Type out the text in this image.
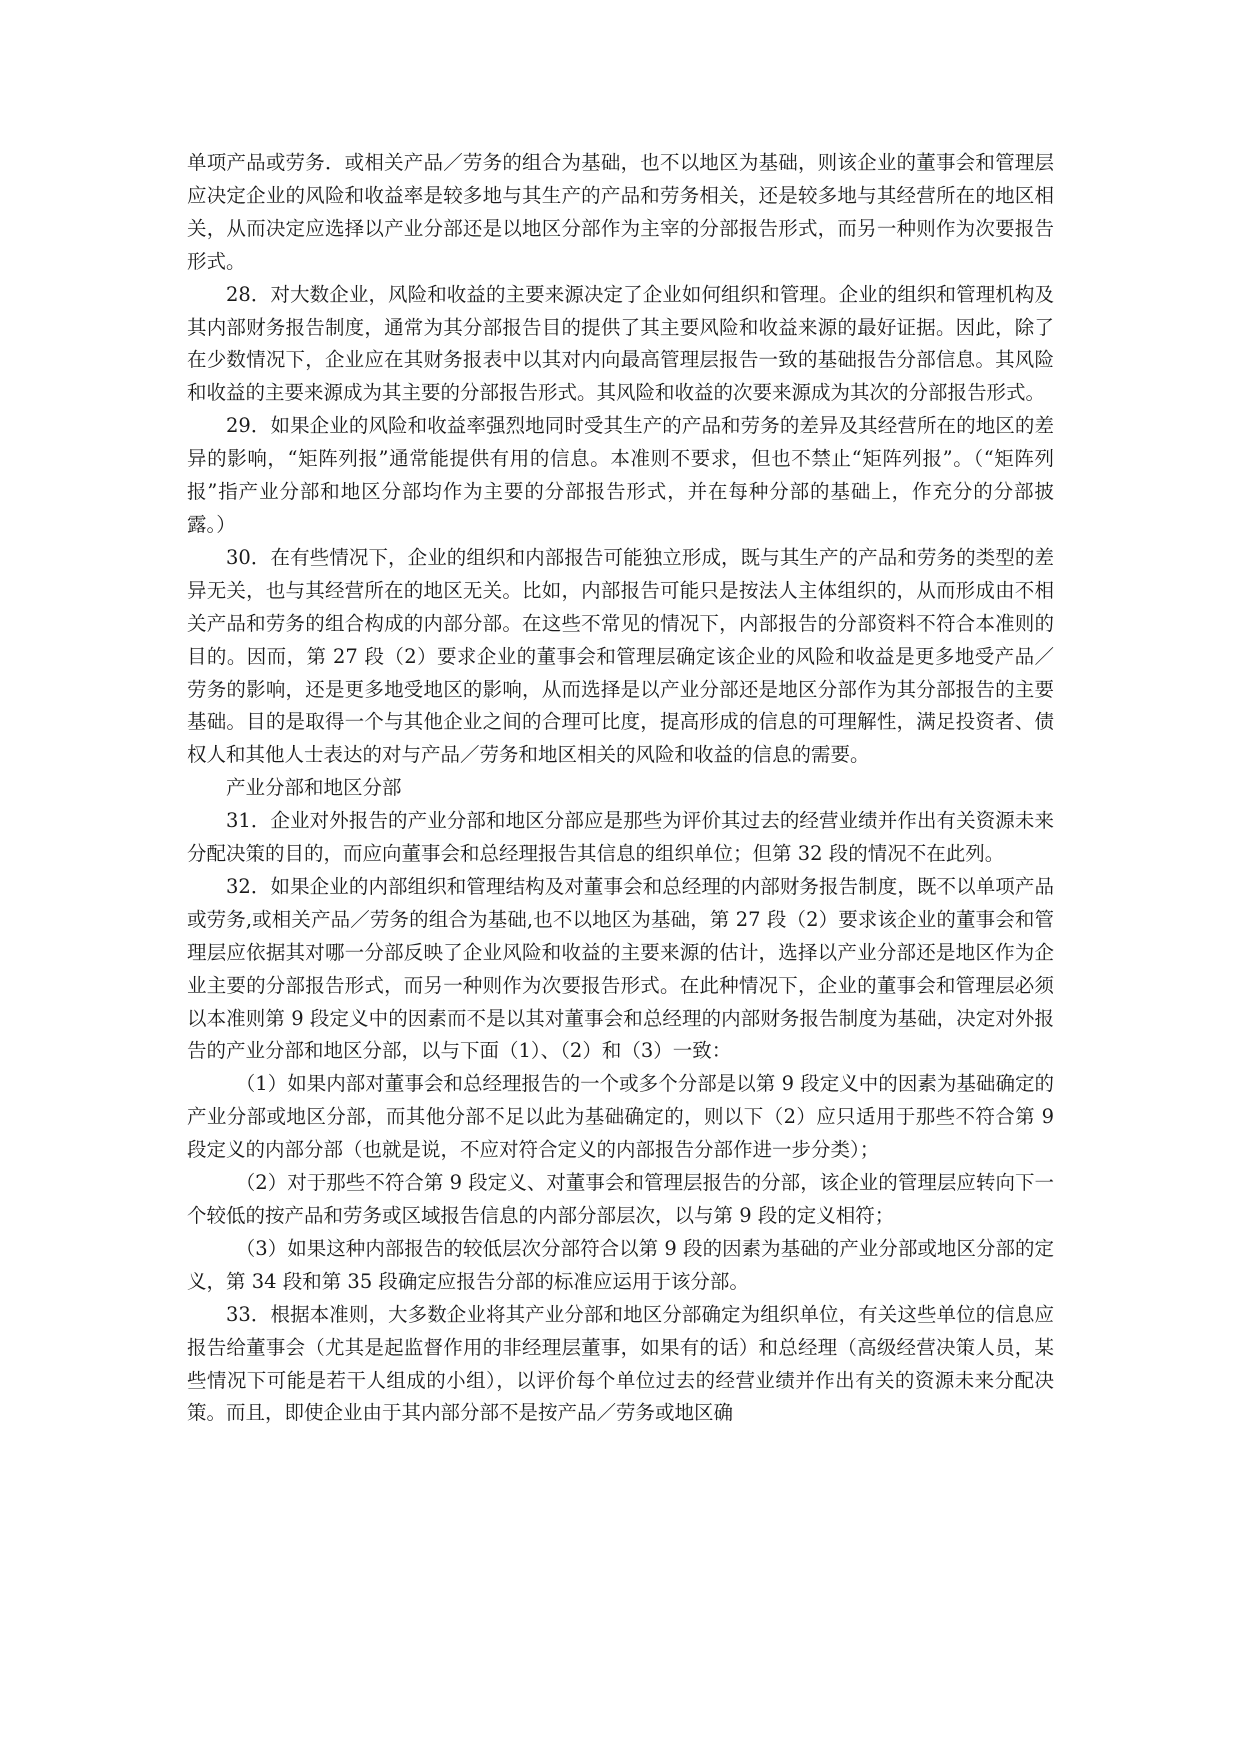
单项产品或劳务．或相关产品／劳务的组合为基础，也不以地区为基础，则该企业的董事会和管理层应决定企业的风险和收益率是较多地与其生产的产品和劳务相关，还是较多地与其经营所在的地区相关，从而决定应选择以产业分部还是以地区分部作为主宰的分部报告形式，而另一种则作为次要报告形式。

28．对大数企业，风险和收益的主要来源决定了企业如何组织和管理。企业的组织和管理机构及其内部财务报告制度，通常为其分部报告目的提供了其主要风险和收益来源的最好证据。因此，除了在少数情况下，企业应在其财务报表中以其对内向最高管理层报告一致的基础报告分部信息。其风险和收益的主要来源成为其主要的分部报告形式。其风险和收益的次要来源成为其次的分部报告形式。

29．如果企业的风险和收益率强烈地同时受其生产的产品和劳务的差异及其经营所在的地区的差异的影响，“矩阵列报”通常能提供有用的信息。本准则不要求，但也不禁止“矩阵列报”。（“矩阵列报”指产业分部和地区分部均作为主要的分部报告形式，并在每种分部的基础上，作充分的分部披露。）

30．在有些情况下，企业的组织和内部报告可能独立形成，既与其生产的产品和劳务的类型的差异无关，也与其经营所在的地区无关。比如，内部报告可能只是按法人主体组织的，从而形成由不相关产品和劳务的组合构成的内部分部。在这些不常见的情况下，内部报告的分部资料不符合本准则的目的。因而，第 27 段（2）要求企业的董事会和管理层确定该企业的风险和收益是更多地受产品／劳务的影响，还是更多地受地区的影响，从而选择是以产业分部还是地区分部作为其分部报告的主要基础。目的是取得一个与其他企业之间的合理可比度，提高形成的信息的可理解性，满足投资者、债权人和其他人士表达的对与产品／劳务和地区相关的风险和收益的信息的需要。

产业分部和地区分部

31．企业对外报告的产业分部和地区分部应是那些为评价其过去的经营业绩并作出有关资源未来分配决策的目的，而应向董事会和总经理报告其信息的组织单位；但第 32 段的情况不在此列。

32．如果企业的内部组织和管理结构及对董事会和总经理的内部财务报告制度，既不以单项产品或劳务,或相关产品／劳务的组合为基础,也不以地区为基础，第 27 段（2）要求该企业的董事会和管理层应依据其对哪一分部反映了企业风险和收益的主要来源的估计，选择以产业分部还是地区作为企业主要的分部报告形式，而另一种则作为次要报告形式。在此种情况下，企业的董事会和管理层必须以本准则第 9 段定义中的因素而不是以其对董事会和总经理的内部财务报告制度为基础，决定对外报告的产业分部和地区分部，以与下面（1）、（2）和（3）一致：

（1）如果内部对董事会和总经理报告的一个或多个分部是以第 9 段定义中的因素为基础确定的产业分部或地区分部，而其他分部不足以此为基础确定的，则以下（2）应只适用于那些不符合第 9 段定义的内部分部（也就是说，不应对符合定义的内部报告分部作进一步分类）；

（2）对于那些不符合第 9 段定义、对董事会和管理层报告的分部，该企业的管理层应转向下一个较低的按产品和劳务或区域报告信息的内部分部层次，以与第 9 段的定义相符；

（3）如果这种内部报告的较低层次分部符合以第 9 段的因素为基础的产业分部或地区分部的定义，第 34 段和第 35 段确定应报告分部的标准应运用于该分部。

33．根据本准则，大多数企业将其产业分部和地区分部确定为组织单位，有关这些单位的信息应报告给董事会（尤其是起监督作用的非经理层董事，如果有的话）和总经理（高级经营决策人员，某些情况下可能是若干人组成的小组），以评价每个单位过去的经营业绩并作出有关的资源未来分配决策。而且，即使企业由于其内部分部不是按产品／劳务或地区确
